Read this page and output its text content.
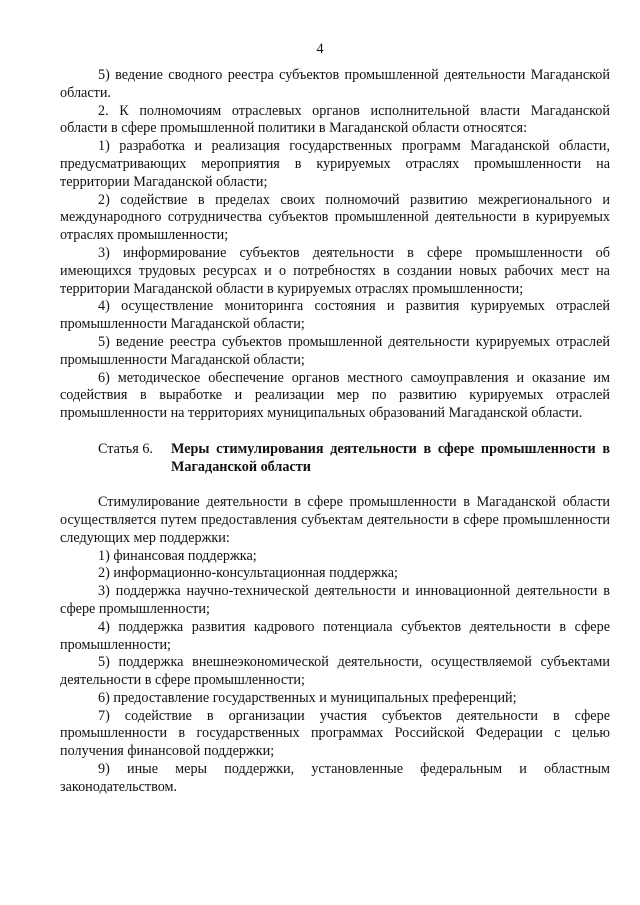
4

5) ведение сводного реестра субъектов промышленной деятельности Магаданской области.

2. К полномочиям отраслевых органов исполнительной власти Магаданской области в сфере промышленной политики в Магаданской области относятся:

1) разработка и реализация государственных программ Магаданской области, предусматривающих мероприятия в курируемых отраслях промышленности на территории Магаданской области;

2) содействие в пределах своих полномочий развитию межрегионального и международного сотрудничества субъектов промышленной деятельности в курируемых отраслях промышленности;

3) информирование субъектов деятельности в сфере промышленности об имеющихся трудовых ресурсах и о потребностях в создании новых рабочих мест на территории Магаданской области в курируемых отраслях промышленности;

4) осуществление мониторинга состояния и развития курируемых отраслей промышленности Магаданской области;

5) ведение реестра субъектов промышленной деятельности курируемых отраслей промышленности Магаданской области;

6) методическое обеспечение органов местного самоуправления и оказание им содействия в выработке и реализации мер по развитию курируемых отраслей промышленности на территориях муниципальных образований Магаданской области.

Статья 6. Меры стимулирования деятельности в сфере промышленности в Магаданской области

Стимулирование деятельности в сфере промышленности в Магаданской области осуществляется путем предоставления субъектам деятельности в сфере промышленности следующих мер поддержки:

1) финансовая поддержка;

2) информационно-консультационная поддержка;

3) поддержка научно-технической деятельности и инновационной деятельности в сфере промышленности;

4) поддержка развития кадрового потенциала субъектов деятельности в сфере промышленности;

5) поддержка внешнеэкономической деятельности, осуществляемой субъектами деятельности в сфере промышленности;

6) предоставление государственных и муниципальных преференций;

7) содействие в организации участия субъектов деятельности в сфере промышленности в государственных программах Российской Федерации с целью получения финансовой поддержки;

9) иные меры поддержки, установленные федеральным и областным законодательством.
